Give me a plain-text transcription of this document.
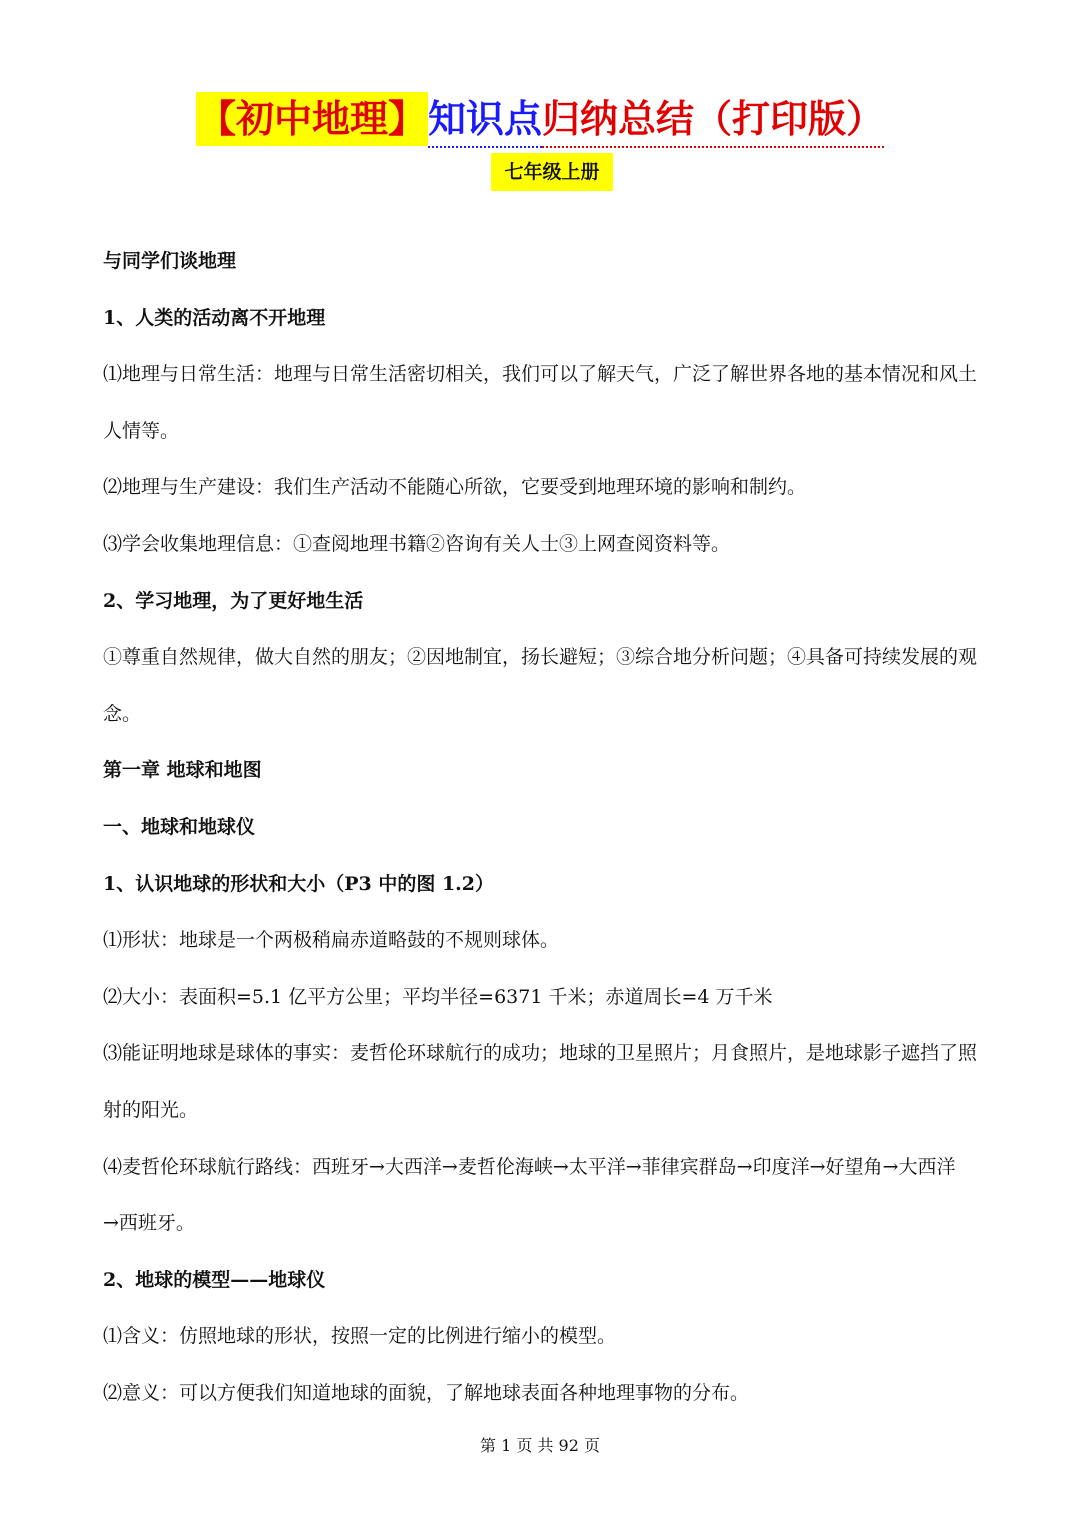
【初中地理】知识点归纳总结（打印版）
七年级上册
与同学们谈地理
1、人类的活动离不开地理
⑴地理与日常生活：地理与日常生活密切相关，我们可以了解天气，广泛了解世界各地的基本情况和风土
人情等。
⑵地理与生产建设：我们生产活动不能随心所欲，它要受到地理环境的影响和制约。
⑶学会收集地理信息：①查阅地理书籍②咨询有关人士③上网查阅资料等。
2、学习地理，为了更好地生活
①尊重自然规律，做大自然的朋友；②因地制宜，扬长避短；③综合地分析问题；④具备可持续发展的观
念。
第一章 地球和地图
一、地球和地球仪
1、认识地球的形状和大小（P3 中的图 1.2）
⑴形状：地球是一个两极稍扁赤道略鼓的不规则球体。
⑵大小：表面积=5.1 亿平方公里；平均半径=6371 千米；赤道周长=4 万千米
⑶能证明地球是球体的事实：麦哲伦环球航行的成功；地球的卫星照片；月食照片，是地球影子遮挡了照
射的阳光。
⑷麦哲伦环球航行路线：西班牙→大西洋→麦哲伦海峡→太平洋→菲律宾群岛→印度洋→好望角→大西洋
→西班牙。
2、地球的模型——地球仪
⑴含义：仿照地球的形状，按照一定的比例进行缩小的模型。
⑵意义：可以方便我们知道地球的面貌，了解地球表面各种地理事物的分布。
第 1 页 共 92 页
